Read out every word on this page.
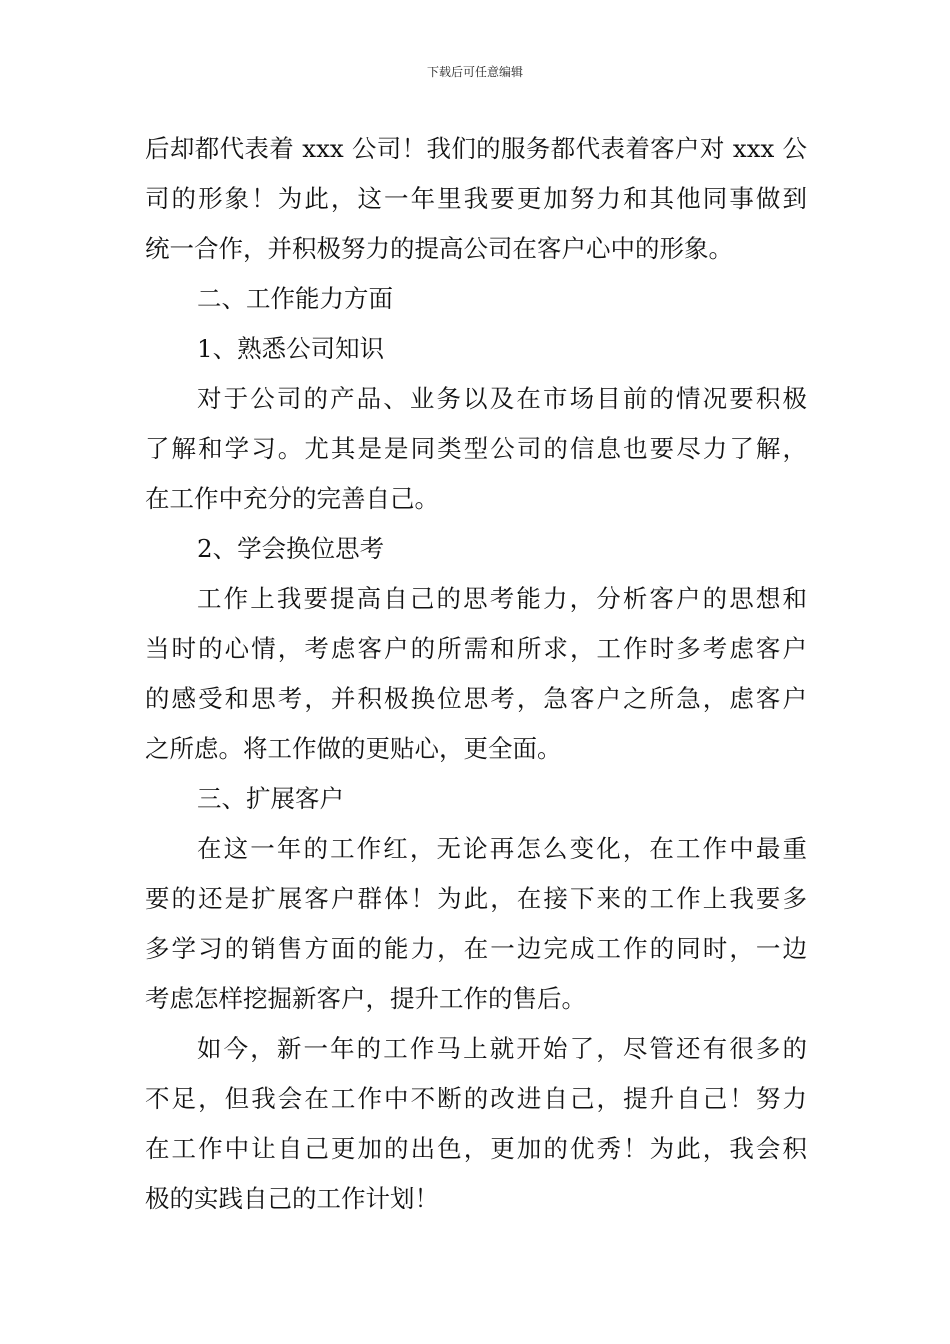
下载后可任意编辑
后却都代表着 xxx 公司！我们的服务都代表着客户对 xxx 公
司的形象！为此，这一年里我要更加努力和其他同事做到
统一合作，并积极努力的提高公司在客户心中的形象。
二、工作能力方面
1、熟悉公司知识
对于公司的产品、业务以及在市场目前的情况要积极
了解和学习。尤其是是同类型公司的信息也要尽力了解，
在工作中充分的完善自己。
2、学会换位思考
工作上我要提高自己的思考能力，分析客户的思想和
当时的心情，考虑客户的所需和所求，工作时多考虑客户
的感受和思考，并积极换位思考，急客户之所急，虑客户
之所虑。将工作做的更贴心，更全面。
三、扩展客户
在这一年的工作红，无论再怎么变化，在工作中最重
要的还是扩展客户群体！为此，在接下来的工作上我要多
多学习的销售方面的能力，在一边完成工作的同时，一边
考虑怎样挖掘新客户，提升工作的售后。
如今，新一年的工作马上就开始了，尽管还有很多的
不足，但我会在工作中不断的改进自己，提升自己！努力
在工作中让自己更加的出色，更加的优秀！为此，我会积
极的实践自己的工作计划！
